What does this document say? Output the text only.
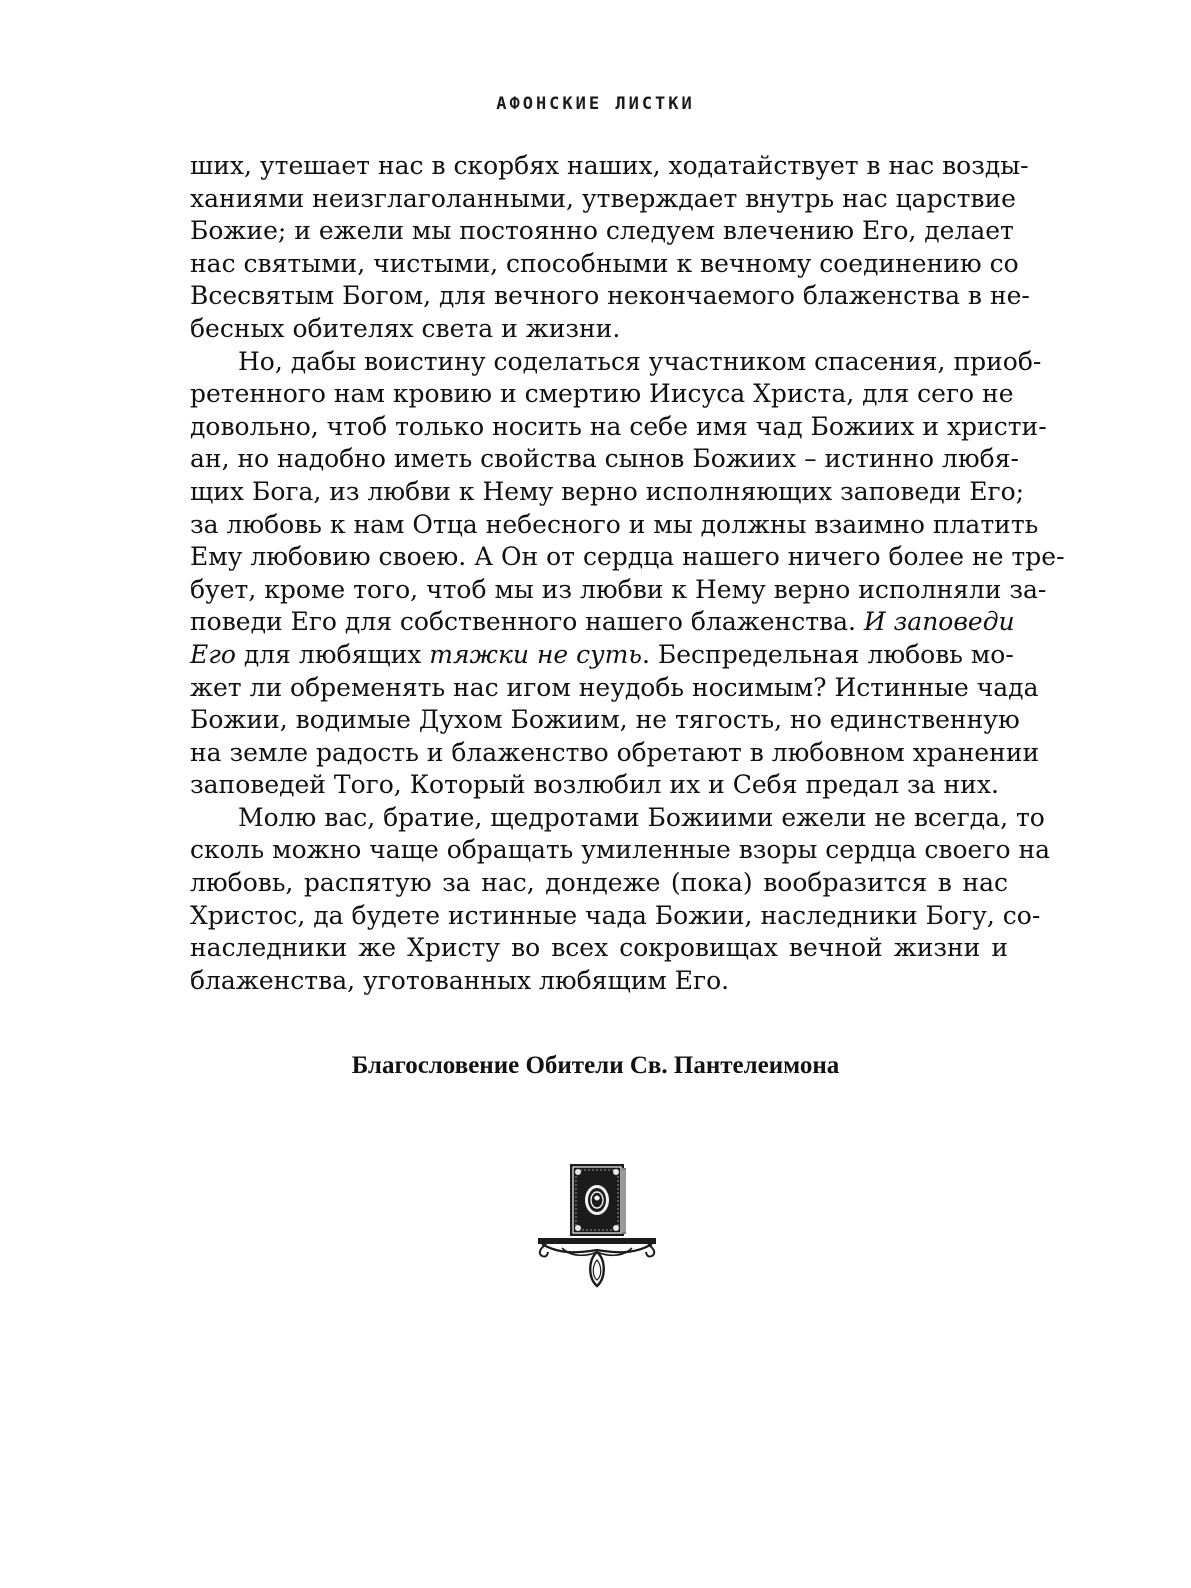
АФОНСКИЕ ЛИСТКИ
ших, утешает нас в скорбях наших, ходатайствует в нас возды-
ханиями неизглаголанными, утверждает внутрь нас царствие
Божие; и ежели мы постоянно следуем влечению Его, делает
нас святыми, чистыми, способными к вечному соединению со
Всесвятым Богом, для вечного некончаемого блаженства в не-
бесных обителях света и жизни.
Но, дабы воистину соделаться участником спасения, приоб-
ретенного нам кровию и смертию Иисуса Христа, для сего не
довольно, чтоб только носить на себе имя чад Божиих и христи-
ан, но надобно иметь свойства сынов Божиих – истинно любя-
щих Бога, из любви к Нему верно исполняющих заповеди Его;
за любовь к нам Отца небесного и мы должны взаимно платить
Ему любовию своею. А Он от сердца нашего ничего более не тре-
бует, кроме того, чтоб мы из любви к Нему верно исполняли за-
поведи Его для собственного нашего блаженства. И заповеди
Его для любящих тяжки не суть. Беспредельная любовь мо-
жет ли обременять нас игом неудобь носимым? Истинные чада
Божии, водимые Духом Божиим, не тягость, но единственную
на земле радость и блаженство обретают в любовном хранении
заповедей Того, Который возлюбил их и Себя предал за них.
Молю вас, братие, щедротами Божиими ежели не всегда, то
сколь можно чаще обращать умиленные взоры сердца своего на
любовь, распятую за нас, дондеже (пока) вообразится в нас
Христос, да будете истинные чада Божии, наследники Богу, со-
наследники же Христу во всех сокровищах вечной жизни и
блаженства, уготованных любящим Его.
Благословение Обители Св. Пантелеимона
